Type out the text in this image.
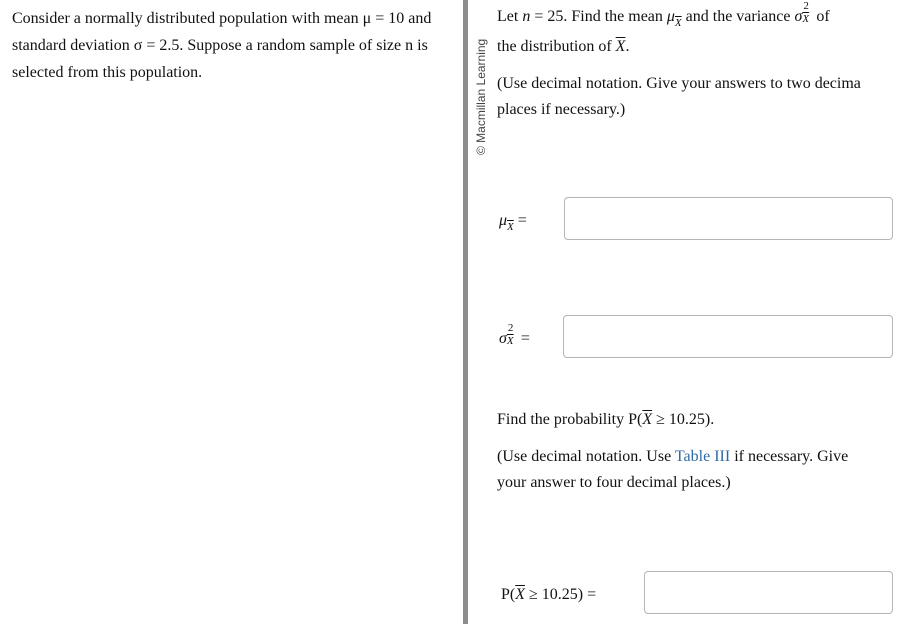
Consider a normally distributed population with mean μ = 10 and standard deviation σ = 2.5. Suppose a random sample of size n is selected from this population.	© Macmillan Learning
Let n = 25. Find the mean $\mu_{\overline{X}}$ and the variance σ $\frac{2}{X}$ of
the distribution of $\overline{X}$.
(Use decimal notation. Give your answers to two decima
places if necessary.)
$\mu_{\overline{X}}$ =
σ $\frac{2}{X}$ =
Find the probability $P(\overline{X} \ge 10.25)$.
(Use decimal notation. Use Table III if necessary. Give
your answer to four decimal places.)
$P(\overline{X} \ge 10.25)$ =
